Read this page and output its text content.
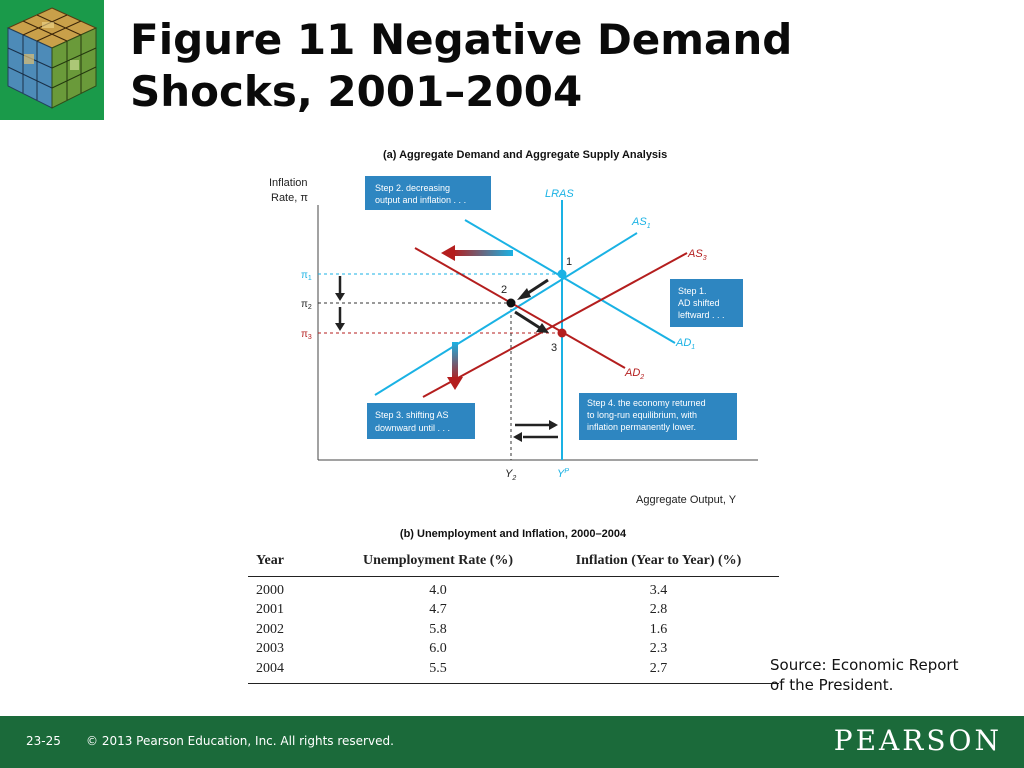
Figure 11 Negative Demand
Shocks, 2001–2004
(a) Aggregate Demand and Aggregate Supply Analysis
Inflation
Rate, π
Aggregate Output, Y
$\pi_1$
$\pi_2$
$\pi_3$
$Y_2$	$Y^P$
LRAS
$AS_1$
$AS_3$
$AD_1$
$AD_2$
1
2
3
Step 2. decreasing
output and inflation . . .
Step 1.
AD shifted
leftward . . .
Step 3. shifting AS
downward until . . .
Step 4. the economy returned
to long-run equilibrium, with
inflation permanently lower.
(b) Unemployment and Inflation, 2000–2004
Year	Unemployment Rate (%)	Inflation (Year to Year) (%)
2000	4.0	3.4
2001	4.7	2.8
2002	5.8	1.6
2003	6.0	2.3
2004	5.5	2.7	Source: Economic Report
of the President.
23-25 © 2013 Pearson Education, Inc. All rights reserved.	PEARSON
